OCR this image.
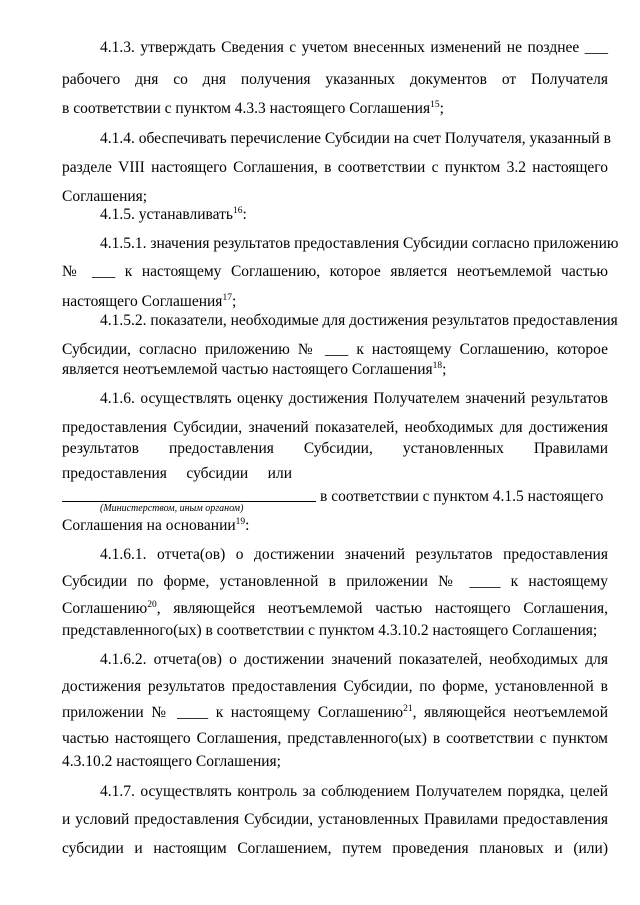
4.1.3. утверждать Сведения с учетом внесенных изменений не позднее ___
рабочего дня со дня получения указанных документов от Получателя
в соответствии с пунктом 4.3.3 настоящего Соглашения$^{15}$;
4.1.4. обеспечивать перечисление Субсидии на счет Получателя, указанный в
разделе VIII настоящего Соглашения, в соответствии с пунктом 3.2 настоящего
Соглашения;
4.1.5. устанавливать$^{16}$:
4.1.5.1. значения результатов предоставления Субсидии согласно приложению
№ ___ к настоящему Соглашению, которое является неотъемлемой частью
настоящего Соглашения$^{17}$;
4.1.5.2. показатели, необходимые для достижения результатов предоставления
Субсидии, согласно приложению № ___ к настоящему Соглашению, которое
является неотъемлемой частью настоящего Соглашения$^{18}$;
4.1.6. осуществлять оценку достижения Получателем значений результатов
предоставления Субсидии, значений показателей, необходимых для достижения
результатов предоставления Субсидии, установленных Правилами
предоставления субсидии или
в соответствии с пунктом 4.1.5 настоящего
(Министерством, иным органом)
Соглашения на основании$^{19}$:
4.1.6.1. отчета(ов) о достижении значений результатов предоставления
Субсидии по форме, установленной в приложении № ____ к настоящему
Соглашению$^{20}$, являющейся неотъемлемой частью настоящего Соглашения,
представленного(ых) в соответствии с пунктом 4.3.10.2 настоящего Соглашения;
4.1.6.2. отчета(ов) о достижении значений показателей, необходимых для
достижения результатов предоставления Субсидии, по форме, установленной в
приложении № ____ к настоящему Соглашению$^{21}$, являющейся неотъемлемой
частью настоящего Соглашения, представленного(ых) в соответствии с пунктом
4.3.10.2 настоящего Соглашения;
4.1.7. осуществлять контроль за соблюдением Получателем порядка, целей
и условий предоставления Субсидии, установленных Правилами предоставления
субсидии и настоящим Соглашением, путем проведения плановых и (или)
